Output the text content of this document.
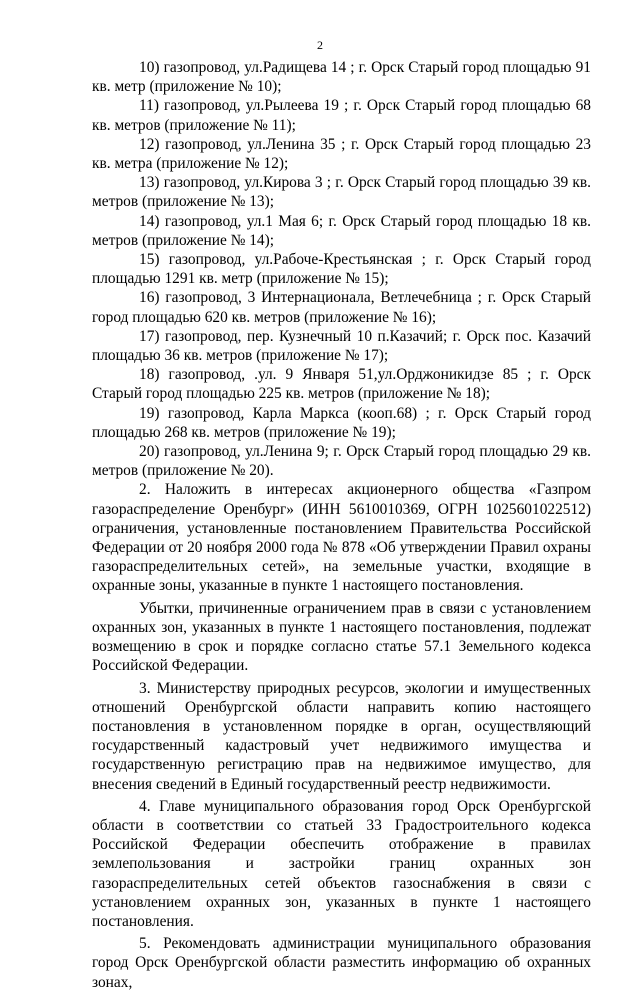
2

10) газопровод, ул.Радищева 14 ; г. Орск Старый город площадью 91 кв. метр (приложение № 10);

11) газопровод, ул.Рылеева 19 ; г. Орск Старый город площадью 68 кв. метров (приложение № 11);

12) газопровод, ул.Ленина 35 ; г. Орск Старый город площадью 23 кв. метра (приложение № 12);

13) газопровод, ул.Кирова 3 ; г. Орск Старый город площадью 39 кв. метров (приложение № 13);

14) газопровод, ул.1 Мая 6; г. Орск Старый город площадью 18 кв. метров (приложение № 14);

15) газопровод, ул.Рабоче-Крестьянская ; г. Орск Старый город площадью 1291 кв. метр (приложение № 15);

16) газопровод, 3 Интернационала, Ветлечебница ; г. Орск Старый город площадью 620 кв. метров (приложение № 16);

17) газопровод, пер. Кузнечный 10 п.Казачий; г. Орск пос. Казачий площадью 36 кв. метров (приложение № 17);

18) газопровод, .ул. 9 Января 51,ул.Орджоникидзе 85 ; г. Орск Старый город площадью 225 кв. метров (приложение № 18);

19) газопровод, Карла Маркса (кооп.68) ; г. Орск Старый город площадью 268 кв. метров (приложение № 19);

20) газопровод, ул.Ленина 9; г. Орск Старый город площадью 29 кв. метров (приложение № 20).

2. Наложить в интересах акционерного общества «Газпром газораспределение Оренбург» (ИНН 5610010369, ОГРН 1025601022512) ограничения, установленные постановлением Правительства Российской Федерации от 20 ноября 2000 года № 878 «Об утверждении Правил охраны газораспределительных сетей», на земельные участки, входящие в охранные зоны, указанные в пункте 1 настоящего постановления.

Убытки, причиненные ограничением прав в связи с установлением охранных зон, указанных в пункте 1 настоящего постановления, подлежат возмещению в срок и порядке согласно статье 57.1 Земельного кодекса Российской Федерации.

3. Министерству природных ресурсов, экологии и имущественных отношений Оренбургской области направить копию настоящего постановления в установленном порядке в орган, осуществляющий государственный кадастровый учет недвижимого имущества и государственную регистрацию прав на недвижимое имущество, для внесения сведений в Единый государственный реестр недвижимости.

4. Главе муниципального образования город Орск Оренбургской области в соответствии со статьей 33 Градостроительного кодекса Российской Федерации обеспечить отображение в правилах землепользования и застройки границ охранных зон газораспределительных сетей объектов газоснабжения в связи с установлением охранных зон, указанных в пункте 1 настоящего постановления.

5. Рекомендовать администрации муниципального образования город Орск Оренбургской области разместить информацию об охранных зонах,
